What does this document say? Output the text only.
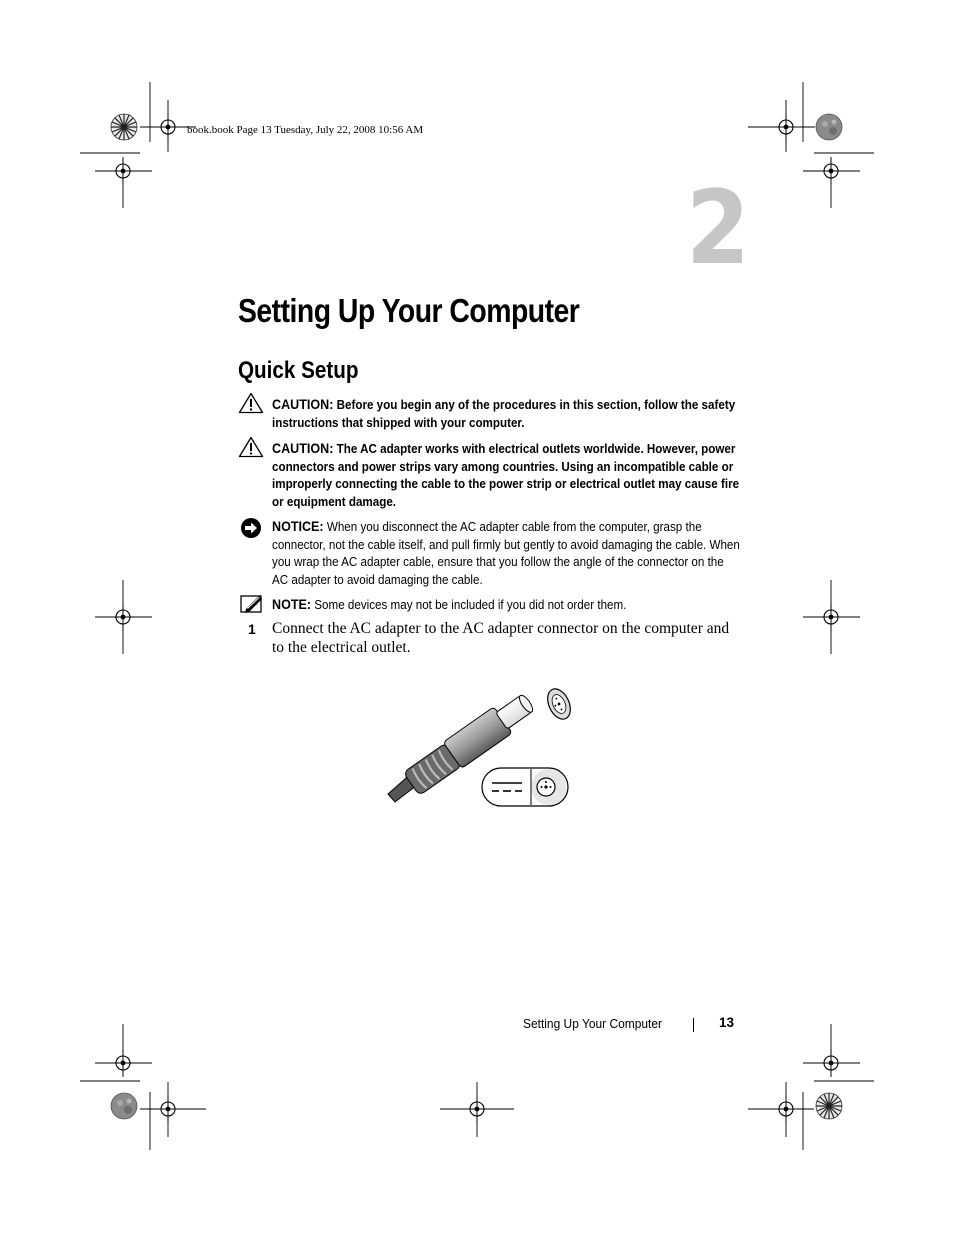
book.book Page 13 Tuesday, July 22, 2008 10:56 AM
2
Setting Up Your Computer
Quick Setup
CAUTION: Before you begin any of the procedures in this section, follow the safety instructions that shipped with your computer.
CAUTION: The AC adapter works with electrical outlets worldwide. However, power connectors and power strips vary among countries. Using an incompatible cable or improperly connecting the cable to the power strip or electrical outlet may cause fire or equipment damage.
NOTICE: When you disconnect the AC adapter cable from the computer, grasp the connector, not the cable itself, and pull firmly but gently to avoid damaging the cable. When you wrap the AC adapter cable, ensure that you follow the angle of the connector on the AC adapter to avoid damaging the cable.
NOTE: Some devices may not be included if you did not order them.
1 Connect the AC adapter to the AC adapter connector on the computer and to the electrical outlet.
Setting Up Your Computer	13
